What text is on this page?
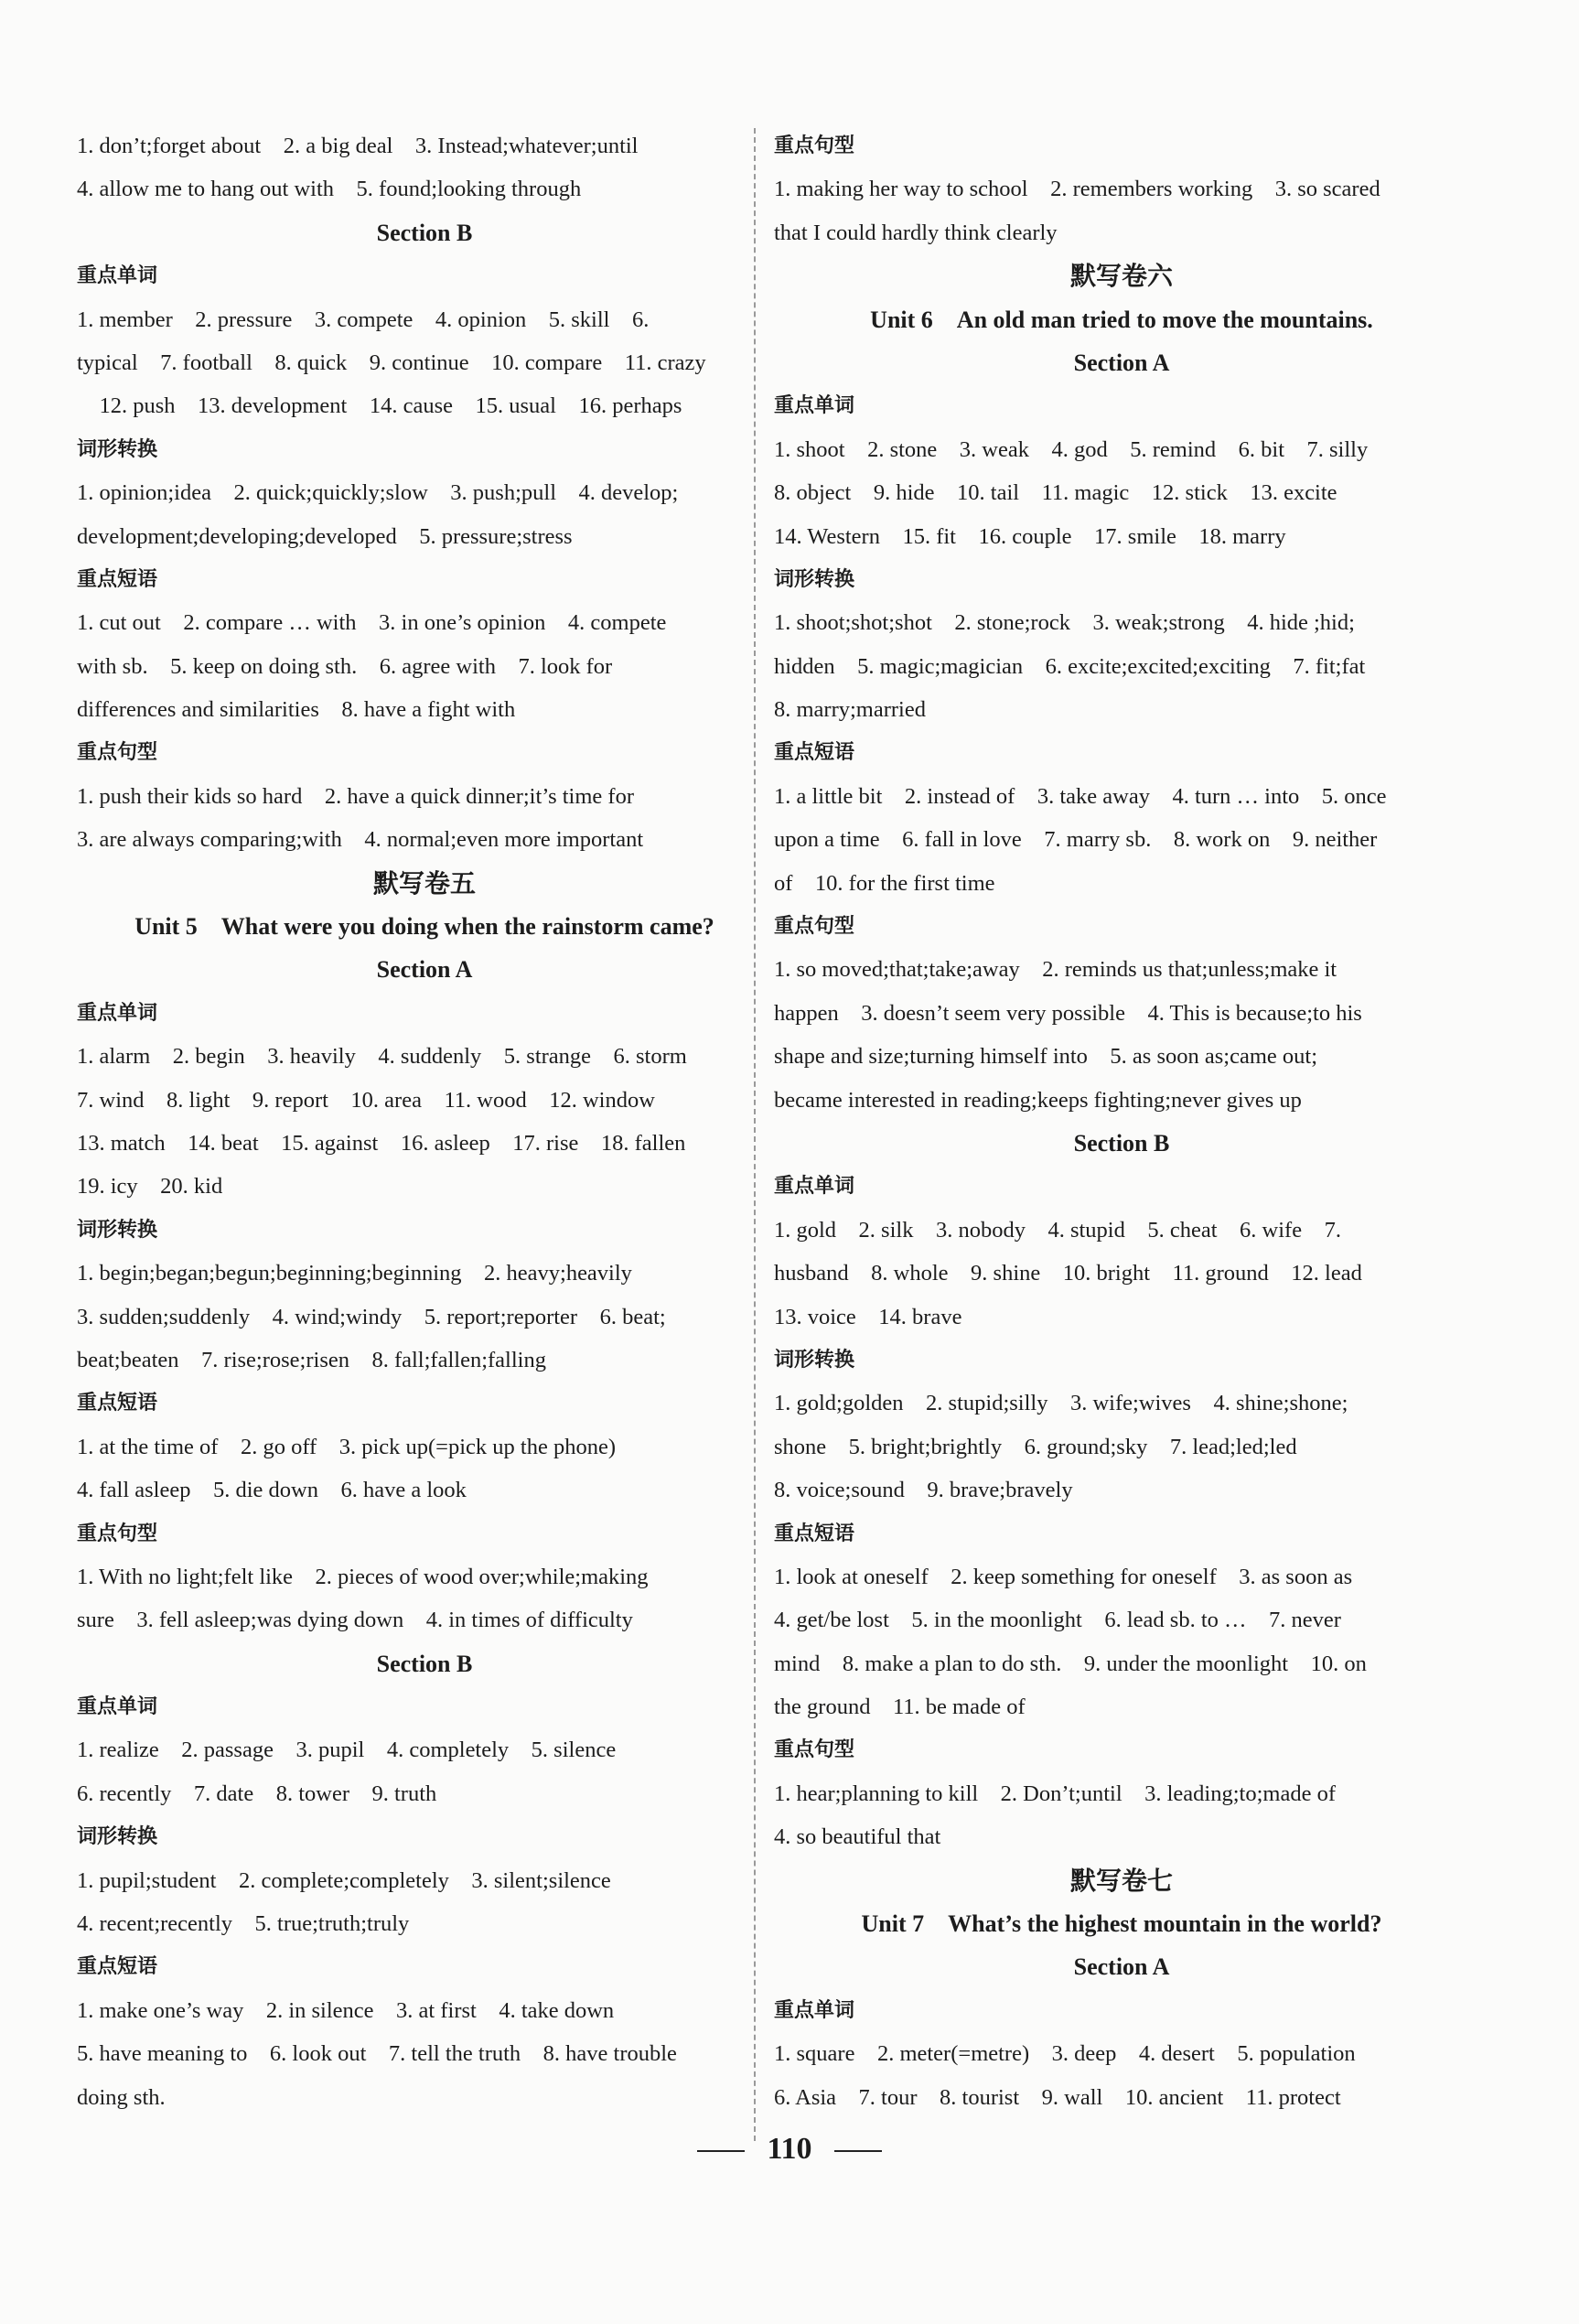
1. don’t;forget about　2. a big deal　3. Instead;whatever;until
4. allow me to hang out with　5. found;looking through
Section B
重点单词
1. member　2. pressure　3. compete　4. opinion　5. skill　6.
typical　7. football　8. quick　9. continue　10. compare　11. crazy
　12. push　13. development　14. cause　15. usual　16. perhaps
词形转换
1. opinion;idea　2. quick;quickly;slow　3. push;pull　4. develop;
development;developing;developed　5. pressure;stress
重点短语
1. cut out　2. compare … with　3. in one’s opinion　4. compete
with sb.　5. keep on doing sth.　6. agree with　7. look for
differences and similarities　8. have a fight with
重点句型
1. push their kids so hard　2. have a quick dinner;it’s time for
3. are always comparing;with　4. normal;even more important
默写卷五
Unit 5　What were you doing when the rainstorm came?
Section A
重点单词
1. alarm　2. begin　3. heavily　4. suddenly　5. strange　6. storm
7. wind　8. light　9. report　10. area　11. wood　12. window
13. match　14. beat　15. against　16. asleep　17. rise　18. fallen
19. icy　20. kid
词形转换
1. begin;began;begun;beginning;beginning　2. heavy;heavily
3. sudden;suddenly　4. wind;windy　5. report;reporter　6. beat;
beat;beaten　7. rise;rose;risen　8. fall;fallen;falling
重点短语
1. at the time of　2. go off　3. pick up(=pick up the phone)
4. fall asleep　5. die down　6. have a look
重点句型
1. With no light;felt like　2. pieces of wood over;while;making
sure　3. fell asleep;was dying down　4. in times of difficulty
Section B
重点单词
1. realize　2. passage　3. pupil　4. completely　5. silence
6. recently　7. date　8. tower　9. truth
词形转换
1. pupil;student　2. complete;completely　3. silent;silence
4. recent;recently　5. true;truth;truly
重点短语
1. make one’s way　2. in silence　3. at first　4. take down
5. have meaning to　6. look out　7. tell the truth　8. have trouble
doing sth.
重点句型
1. making her way to school　2. remembers working　3. so scared
that I could hardly think clearly
默写卷六
Unit 6　An old man tried to move the mountains.
Section A
重点单词
1. shoot　2. stone　3. weak　4. god　5. remind　6. bit　7. silly
8. object　9. hide　10. tail　11. magic　12. stick　13. excite
14. Western　15. fit　16. couple　17. smile　18. marry
词形转换
1. shoot;shot;shot　2. stone;rock　3. weak;strong　4. hide ;hid;
hidden　5. magic;magician　6. excite;excited;exciting　7. fit;fat
8. marry;married
重点短语
1. a little bit　2. instead of　3. take away　4. turn … into　5. once
upon a time　6. fall in love　7. marry sb.　8. work on　9. neither
of　10. for the first time
重点句型
1. so moved;that;take;away　2. reminds us that;unless;make it
happen　3. doesn’t seem very possible　4. This is because;to his
shape and size;turning himself into　5. as soon as;came out;
became interested in reading;keeps fighting;never gives up
Section B
重点单词
1. gold　2. silk　3. nobody　4. stupid　5. cheat　6. wife　7.
husband　8. whole　9. shine　10. bright　11. ground　12. lead
13. voice　14. brave
词形转换
1. gold;golden　2. stupid;silly　3. wife;wives　4. shine;shone;
shone　5. bright;brightly　6. ground;sky　7. lead;led;led
8. voice;sound　9. brave;bravely
重点短语
1. look at oneself　2. keep something for oneself　3. as soon as
4. get/be lost　5. in the moonlight　6. lead sb. to …　7. never
mind　8. make a plan to do sth.　9. under the moonlight　10. on
the ground　11. be made of
重点句型
1. hear;planning to kill　2. Don’t;until　3. leading;to;made of
4. so beautiful that
默写卷七
Unit 7　What’s the highest mountain in the world?
Section A
重点单词
1. square　2. meter(=metre)　3. deep　4. desert　5. population
6. Asia　7. tour　8. tourist　9. wall　10. ancient　11. protect
110
